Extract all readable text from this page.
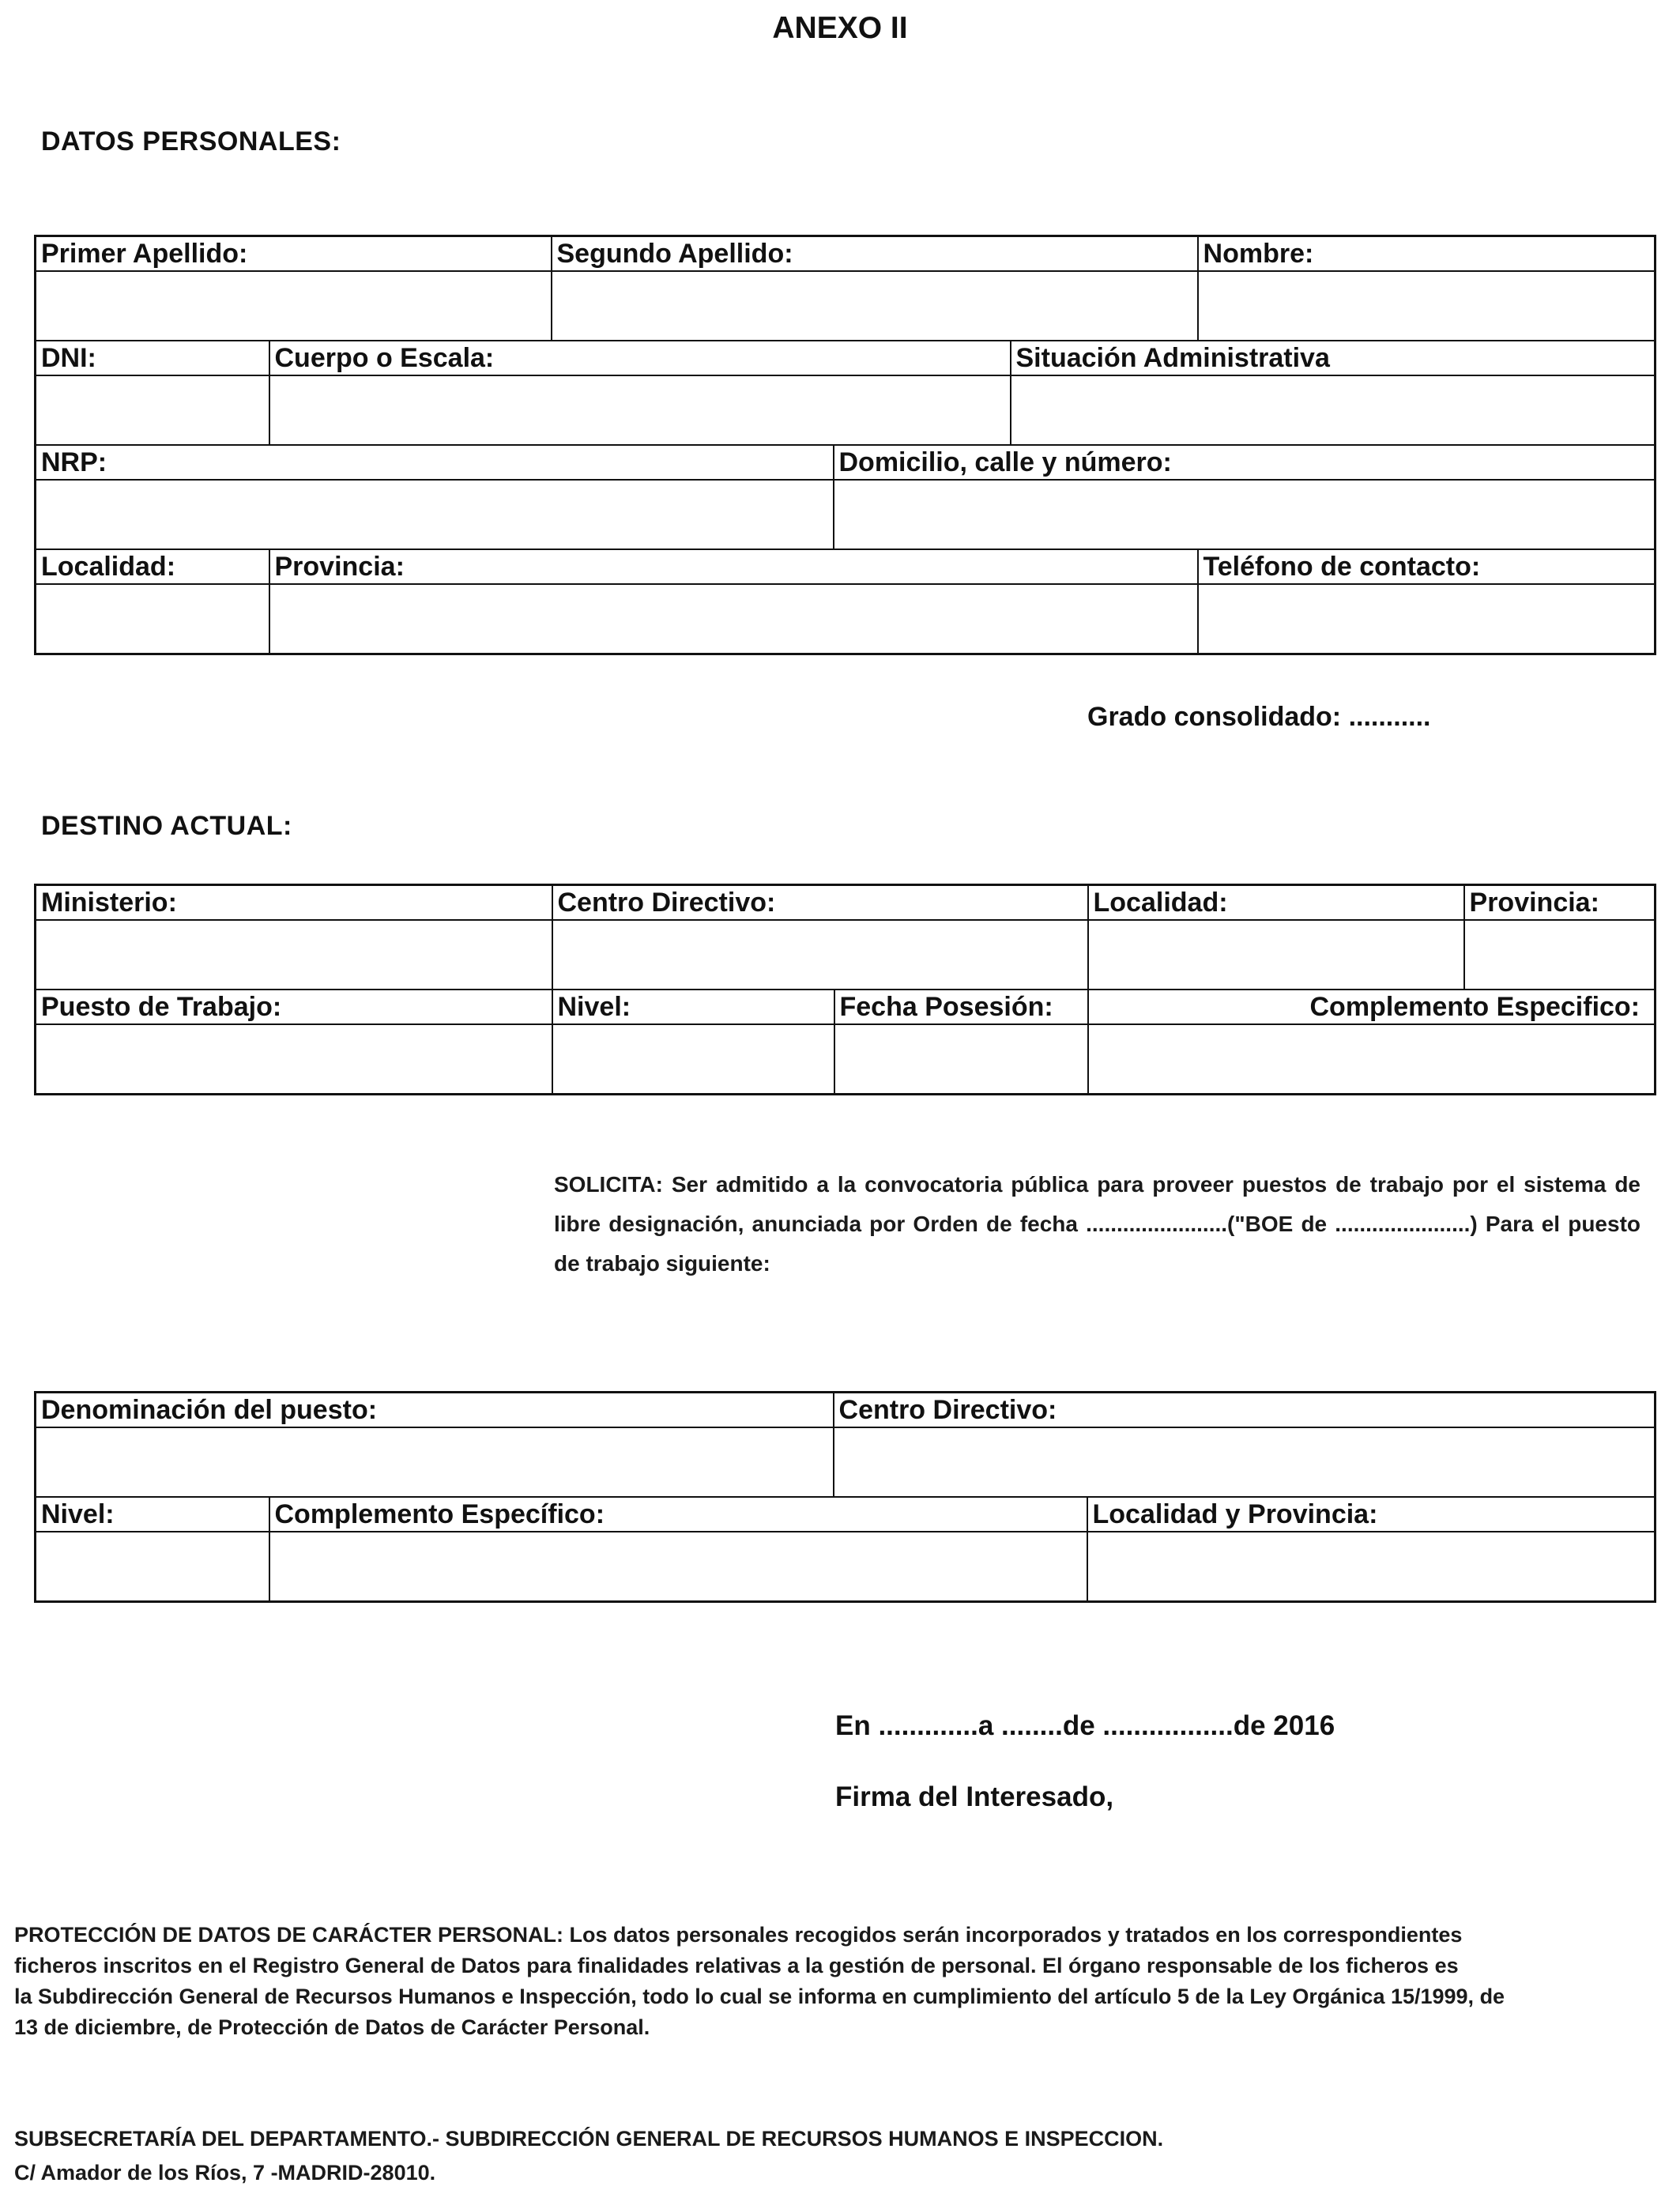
ANEXO II
DATOS PERSONALES:
Primer Apellido:		Segundo Apellido:			Nombre:

DNI:	Cuerpo o Escala:			Situación Administrativa	

NRP:			Domicilio, calle y número:		

Localidad:	Provincia:				Teléfono de contacto:

Grado consolidado: ...........
DESTINO ACTUAL:
Ministerio:	Centro Directivo:		Localidad:	Provincia:

Puesto de Trabajo:	Nivel:	Fecha Posesión:	Complemento Especifico:	

SOLICITA: Ser admitido a la convocatoria pública para proveer puestos de trabajo por el sistema de libre designación, anunciada por Orden de fecha .......................("BOE de ......................) Para el puesto de trabajo siguiente:
Denominación del puesto:		Centro Directivo:	

Nivel:	Complemento Específico:		Localidad y Provincia:

En .............a ........de .................de 2016
Firma del Interesado,

PROTECCIÓN DE DATOS DE CARÁCTER PERSONAL: Los datos personales recogidos serán incorporados y tratados en los correspondientes

ficheros inscritos en el Registro General de Datos para finalidades relativas a la gestión de personal. El órgano responsable de los ficheros es

la Subdirección General de Recursos Humanos e Inspección, todo lo cual se informa en cumplimiento del artículo 5 de la Ley Orgánica 15/1999, de

13 de diciembre, de Protección de Datos de Carácter Personal.

SUBSECRETARÍA DEL DEPARTAMENTO.- SUBDIRECCIÓN GENERAL DE RECURSOS HUMANOS E INSPECCION.
C/ Amador de los Ríos, 7 -MADRID-28010.
